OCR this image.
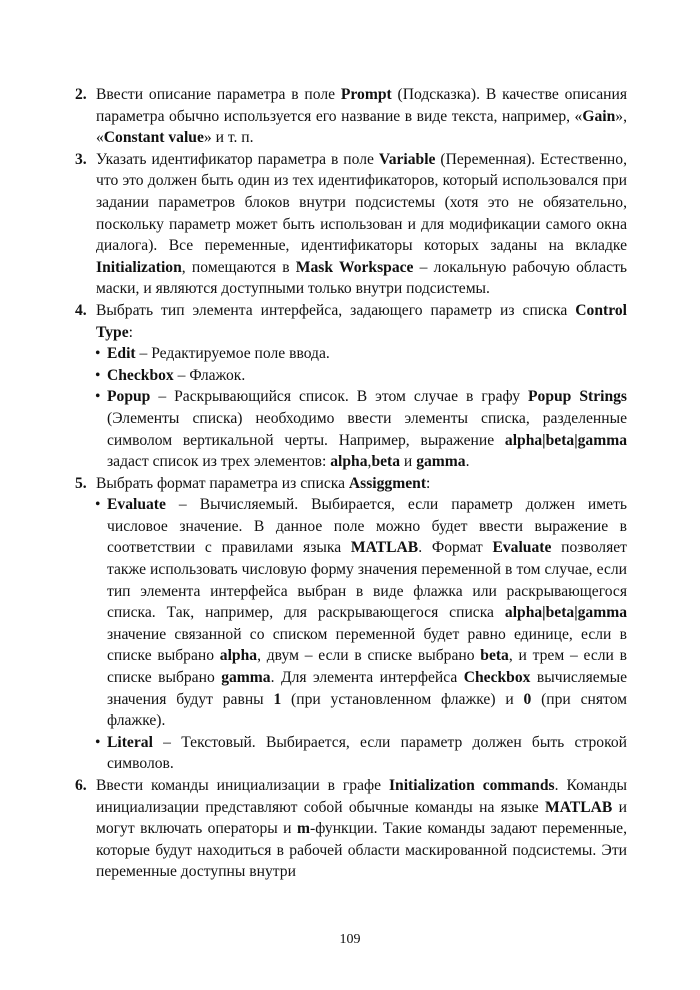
2. Ввести описание параметра в поле Prompt (Подсказка). В качестве описания параметра обычно используется его название в виде текста, например, «Gain», «Constant value» и т. п.
3. Указать идентификатор параметра в поле Variable (Переменная). Естественно, что это должен быть один из тех идентификаторов, который использовался при задании параметров блоков внутри подсистемы (хотя это не обязательно, поскольку параметр может быть использован и для модификации самого окна диалога). Все переменные, идентификаторы которых заданы на вкладке Initialization, помещаются в Mask Workspace – локальную рабочую область маски, и являются доступными только внутри подсистемы.
4. Выбрать тип элемента интерфейса, задающего параметр из списка Control Type:
• Edit – Редактируемое поле ввода.
• Checkbox – Флажок.
• Popup – Раскрывающийся список. В этом случае в графу Popup Strings (Элементы списка) необходимо ввести элементы списка, разделенные символом вертикальной черты. Например, выражение alpha|beta|gamma задаст список из трех элементов: alpha,beta и gamma.
5. Выбрать формат параметра из списка Assiggment:
• Evaluate – Вычисляемый. Выбирается, если параметр должен иметь числовое значение. В данное поле можно будет ввести выражение в соответствии с правилами языка MATLAB. Формат Evaluate позволяет также использовать числовую форму значения переменной в том случае, если тип элемента интерфейса выбран в виде флажка или раскрывающегося списка. Так, например, для раскрывающегося списка alpha|beta|gamma значение связанной со списком переменной будет равно единице, если в списке выбрано alpha, двум – если в списке выбрано beta, и трем – если в списке выбрано gamma. Для элемента интерфейса Checkbox вычисляемые значения будут равны 1 (при установленном флажке) и 0 (при снятом флажке).
• Literal – Текстовый. Выбирается, если параметр должен быть строкой символов.
6. Ввести команды инициализации в графе Initialization commands. Команды инициализации представляют собой обычные команды на языке MATLAB и могут включать операторы и m-функции. Такие команды задают переменные, которые будут находиться в рабочей области маскированной подсистемы. Эти переменные доступны внутри
109
